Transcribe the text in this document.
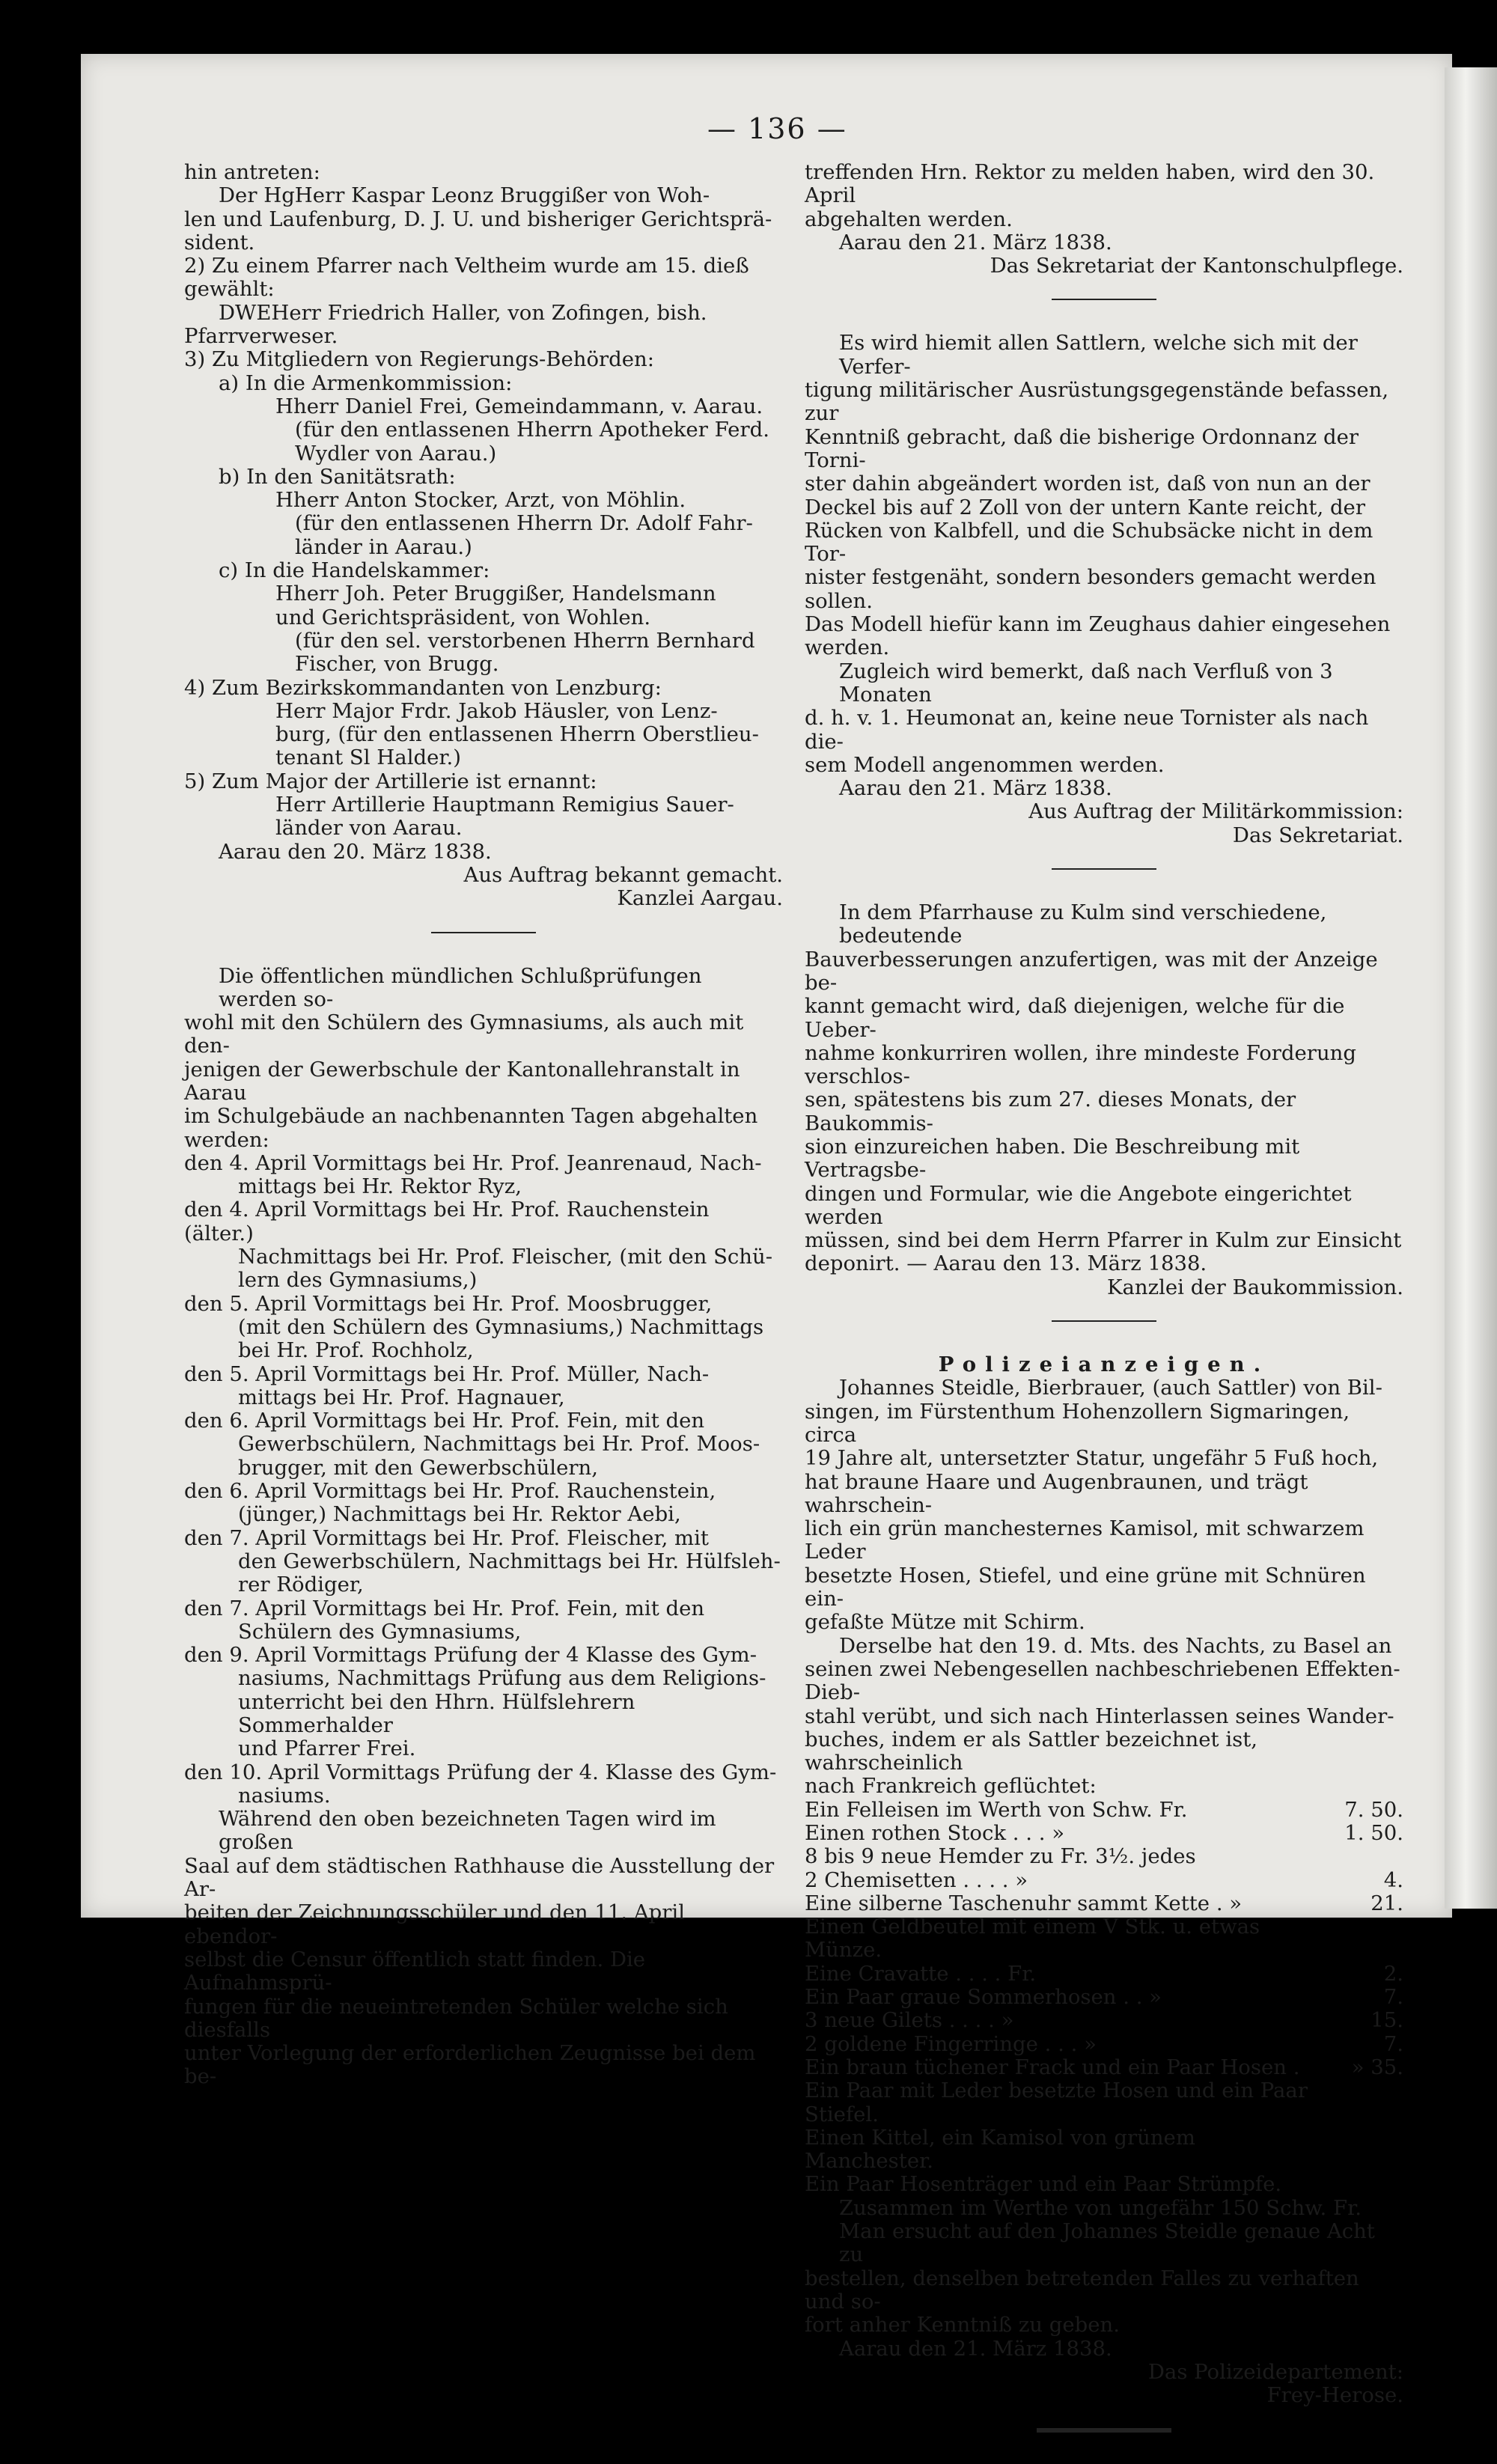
— 136 —

hin antreten:

Der HgHerr Kaspar Leonz Bruggißer von Woh-

len und Laufenburg, D. J. U. und bisheriger Gerichtsprä-

sident.

2) Zu einem Pfarrer nach Veltheim wurde am 15. dieß

gewählt:

DWEHerr Friedrich Haller, von Zofingen, bish.

Pfarrverweser.

3) Zu Mitgliedern von Regierungs-Behörden:

a) In die Armenkommission:

Hherr Daniel Frei, Gemeindammann, v. Aarau.

(für den entlassenen Hherrn Apotheker Ferd.

Wydler von Aarau.)

b) In den Sanitätsrath:

Hherr Anton Stocker, Arzt, von Möhlin.

(für den entlassenen Hherrn Dr. Adolf Fahr-

länder in Aarau.)

c) In die Handelskammer:

Hherr Joh. Peter Bruggißer, Handelsmann

und Gerichtspräsident, von Wohlen.

(für den sel. verstorbenen Hherrn Bernhard

Fischer, von Brugg.

4) Zum Bezirkskommandanten von Lenzburg:

Herr Major Frdr. Jakob Häusler, von Lenz-

burg, (für den entlassenen Hherrn Oberstlieu-

tenant Sl Halder.)

5) Zum Major der Artillerie ist ernannt:

Herr Artillerie Hauptmann Remigius Sauer-

länder von Aarau.

Aarau den 20. März 1838.

Aus Auftrag bekannt gemacht.

Kanzlei Aargau.

Die öffentlichen mündlichen Schlußprüfungen werden so-

wohl mit den Schülern des Gymnasiums, als auch mit den-

jenigen der Gewerbschule der Kantonallehranstalt in Aarau

im Schulgebäude an nachbenannten Tagen abgehalten werden:

den 4. April Vormittags bei Hr. Prof. Jeanrenaud, Nach-

mittags bei Hr. Rektor Ryz,

den 4. April Vormittags bei Hr. Prof. Rauchenstein (älter.)

Nachmittags bei Hr. Prof. Fleischer, (mit den Schü-

lern des Gymnasiums,)

den 5. April Vormittags bei Hr. Prof. Moosbrugger,

(mit den Schülern des Gymnasiums,) Nachmittags

bei Hr. Prof. Rochholz,

den 5. April Vormittags bei Hr. Prof. Müller, Nach-

mittags bei Hr. Prof. Hagnauer,

den 6. April Vormittags bei Hr. Prof. Fein, mit den

Gewerbschülern, Nachmittags bei Hr. Prof. Moos-

brugger, mit den Gewerbschülern,

den 6. April Vormittags bei Hr. Prof. Rauchenstein,

(jünger,) Nachmittags bei Hr. Rektor Aebi,

den 7. April Vormittags bei Hr. Prof. Fleischer, mit

den Gewerbschülern, Nachmittags bei Hr. Hülfsleh-

rer Rödiger,

den 7. April Vormittags bei Hr. Prof. Fein, mit den

Schülern des Gymnasiums,

den 9. April Vormittags Prüfung der 4 Klasse des Gym-

nasiums, Nachmittags Prüfung aus dem Religions-

unterricht bei den Hhrn. Hülfslehrern Sommerhalder

und Pfarrer Frei.

den 10. April Vormittags Prüfung der 4. Klasse des Gym-

nasiums.

Während den oben bezeichneten Tagen wird im großen

Saal auf dem städtischen Rathhause die Ausstellung der Ar-

beiten der Zeichnungsschüler und den 11. April ebendor-

selbst die Censur öffentlich statt finden. Die Aufnahmsprü-

fungen für die neueintretenden Schüler welche sich diesfalls

unter Vorlegung der erforderlichen Zeugnisse bei dem be-

treffenden Hrn. Rektor zu melden haben, wird den 30. April

abgehalten werden.

Aarau den 21. März 1838.

Das Sekretariat der Kantonschulpflege.

Es wird hiemit allen Sattlern, welche sich mit der Verfer-

tigung militärischer Ausrüstungsgegenstände befassen, zur

Kenntniß gebracht, daß die bisherige Ordonnanz der Torni-

ster dahin abgeändert worden ist, daß von nun an der

Deckel bis auf 2 Zoll von der untern Kante reicht, der

Rücken von Kalbfell, und die Schubsäcke nicht in dem Tor-

nister festgenäht, sondern besonders gemacht werden sollen.

Das Modell hiefür kann im Zeughaus dahier eingesehen

werden.

Zugleich wird bemerkt, daß nach Verfluß von 3 Monaten

d. h. v. 1. Heumonat an, keine neue Tornister als nach die-

sem Modell angenommen werden.

Aarau den 21. März 1838.

Aus Auftrag der Militärkommission:

Das Sekretariat.

In dem Pfarrhause zu Kulm sind verschiedene, bedeutende

Bauverbesserungen anzufertigen, was mit der Anzeige be-

kannt gemacht wird, daß diejenigen, welche für die Ueber-

nahme konkurriren wollen, ihre mindeste Forderung verschlos-

sen, spätestens bis zum 27. dieses Monats, der Baukommis-

sion einzureichen haben. Die Beschreibung mit Vertragsbe-

dingen und Formular, wie die Angebote eingerichtet werden

müssen, sind bei dem Herrn Pfarrer in Kulm zur Einsicht

deponirt. — Aarau den 13. März 1838.

Kanzlei der Baukommission.

Polizeianzeigen.

Johannes Steidle, Bierbrauer, (auch Sattler) von Bil-

singen, im Fürstenthum Hohenzollern Sigmaringen, circa

19 Jahre alt, untersetzter Statur, ungefähr 5 Fuß hoch,

hat braune Haare und Augenbraunen, und trägt wahrschein-

lich ein grün manchesternes Kamisol, mit schwarzem Leder

besetzte Hosen, Stiefel, und eine grüne mit Schnüren ein-

gefaßte Mütze mit Schirm.

Derselbe hat den 19. d. Mts. des Nachts, zu Basel an

seinen zwei Nebengesellen nachbeschriebenen Effekten-Dieb-

stahl verübt, und sich nach Hinterlassen seines Wander-

buches, indem er als Sattler bezeichnet ist, wahrscheinlich

nach Frankreich geflüchtet:

Ein Felleisen im Werth von Schw. Fr.	7. 50.
Einen rothen Stock . . . »	1. 50.
8 bis 9 neue Hemder zu Fr. 3½. jedes
2 Chemisetten . . . . »	4.
Eine silberne Taschenuhr sammt Kette . »	21.
Einen Geldbeutel mit einem V Stk. u. etwas Münze.
Eine Cravatte . . . . Fr.	2.
Ein Paar graue Sommerhosen . . »	7.
3 neue Gilets . . . . »	15.
2 goldene Fingerringe . . . »	7.
Ein braun tüchener Frack und ein Paar Hosen .	» 35.
Ein Paar mit Leder besetzte Hosen und ein Paar Stiefel.
Einen Kittel, ein Kamisol von grünem Manchester.
Ein Paar Hosenträger und ein Paar Strümpfe.

Zusammen im Werthe von ungefähr 150 Schw. Fr.

Man ersucht auf den Johannes Steidle genaue Acht zu

bestellen, denselben betretenden Falles zu verhaften und so-

fort anher Kenntniß zu geben.

Aarau den 21. März 1838.

Das Polizeidepartement:

Frey-Herose.
